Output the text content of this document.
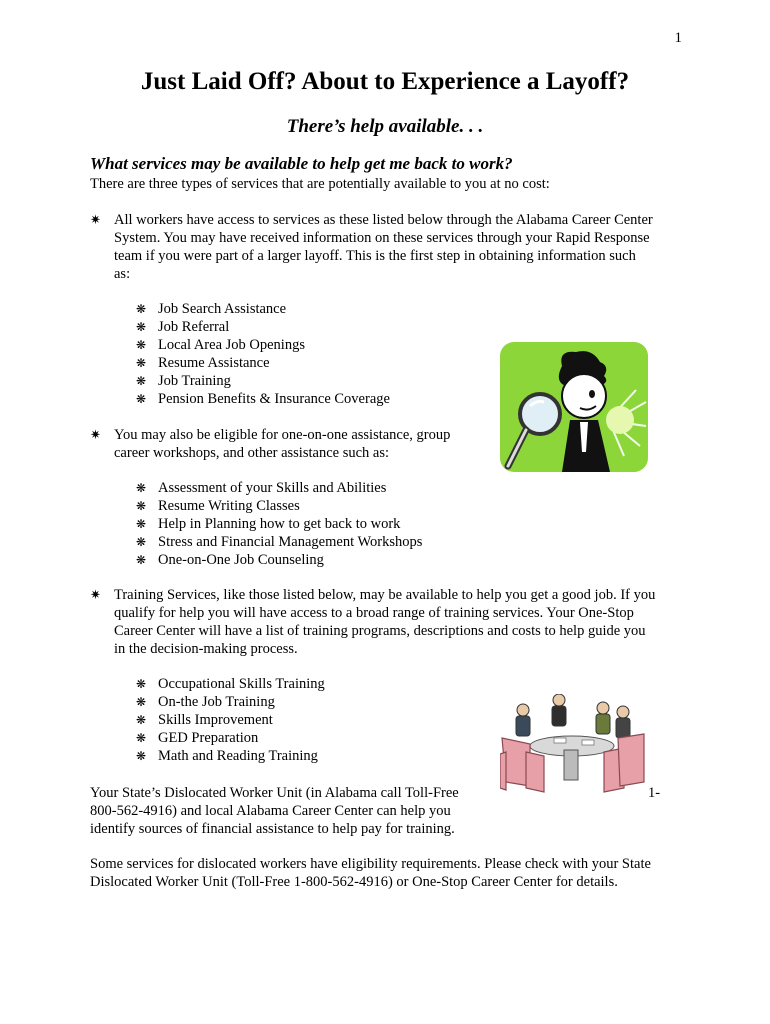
1
Just Laid Off? About to Experience a Layoff?
There’s help available. . .
What services may be available to help get me back to work?
There are three types of services that are potentially available to you at no cost:
✷ All workers have access to services as these listed below through the Alabama Career Center
System. You may have received information on these services through your Rapid Response
team if you were part of a larger layoff. This is the first step in obtaining information such
as:
❋ Job Search Assistance
❋ Job Referral
❋ Local Area Job Openings
❋ Resume Assistance
❋ Job Training
❋ Pension Benefits & Insurance Coverage
✷ You may also be eligible for one-on-one assistance, group
career workshops, and other assistance such as:
❋ Assessment of your Skills and Abilities
❋ Resume Writing Classes
❋ Help in Planning how to get back to work
❋ Stress and Financial Management Workshops
❋ One-on-One Job Counseling
✷ Training Services, like those listed below, may be available to help you get a good job. If you
qualify for help you will have access to a broad range of training services. Your One-Stop
Career Center will have a list of training programs, descriptions and costs to help guide you
in the decision-making process.
❋ Occupational Skills Training
❋ On-the Job Training
❋ Skills Improvement
❋ GED Preparation
❋ Math and Reading Training
Your State’s Dislocated Worker Unit (in Alabama call Toll-Free
800-562-4916) and local Alabama Career Center can help you
identify sources of financial assistance to help pay for training.
1-
Some services for dislocated workers have eligibility requirements. Please check with your State
Dislocated Worker Unit (Toll-Free 1-800-562-4916) or One-Stop Career Center for details.
